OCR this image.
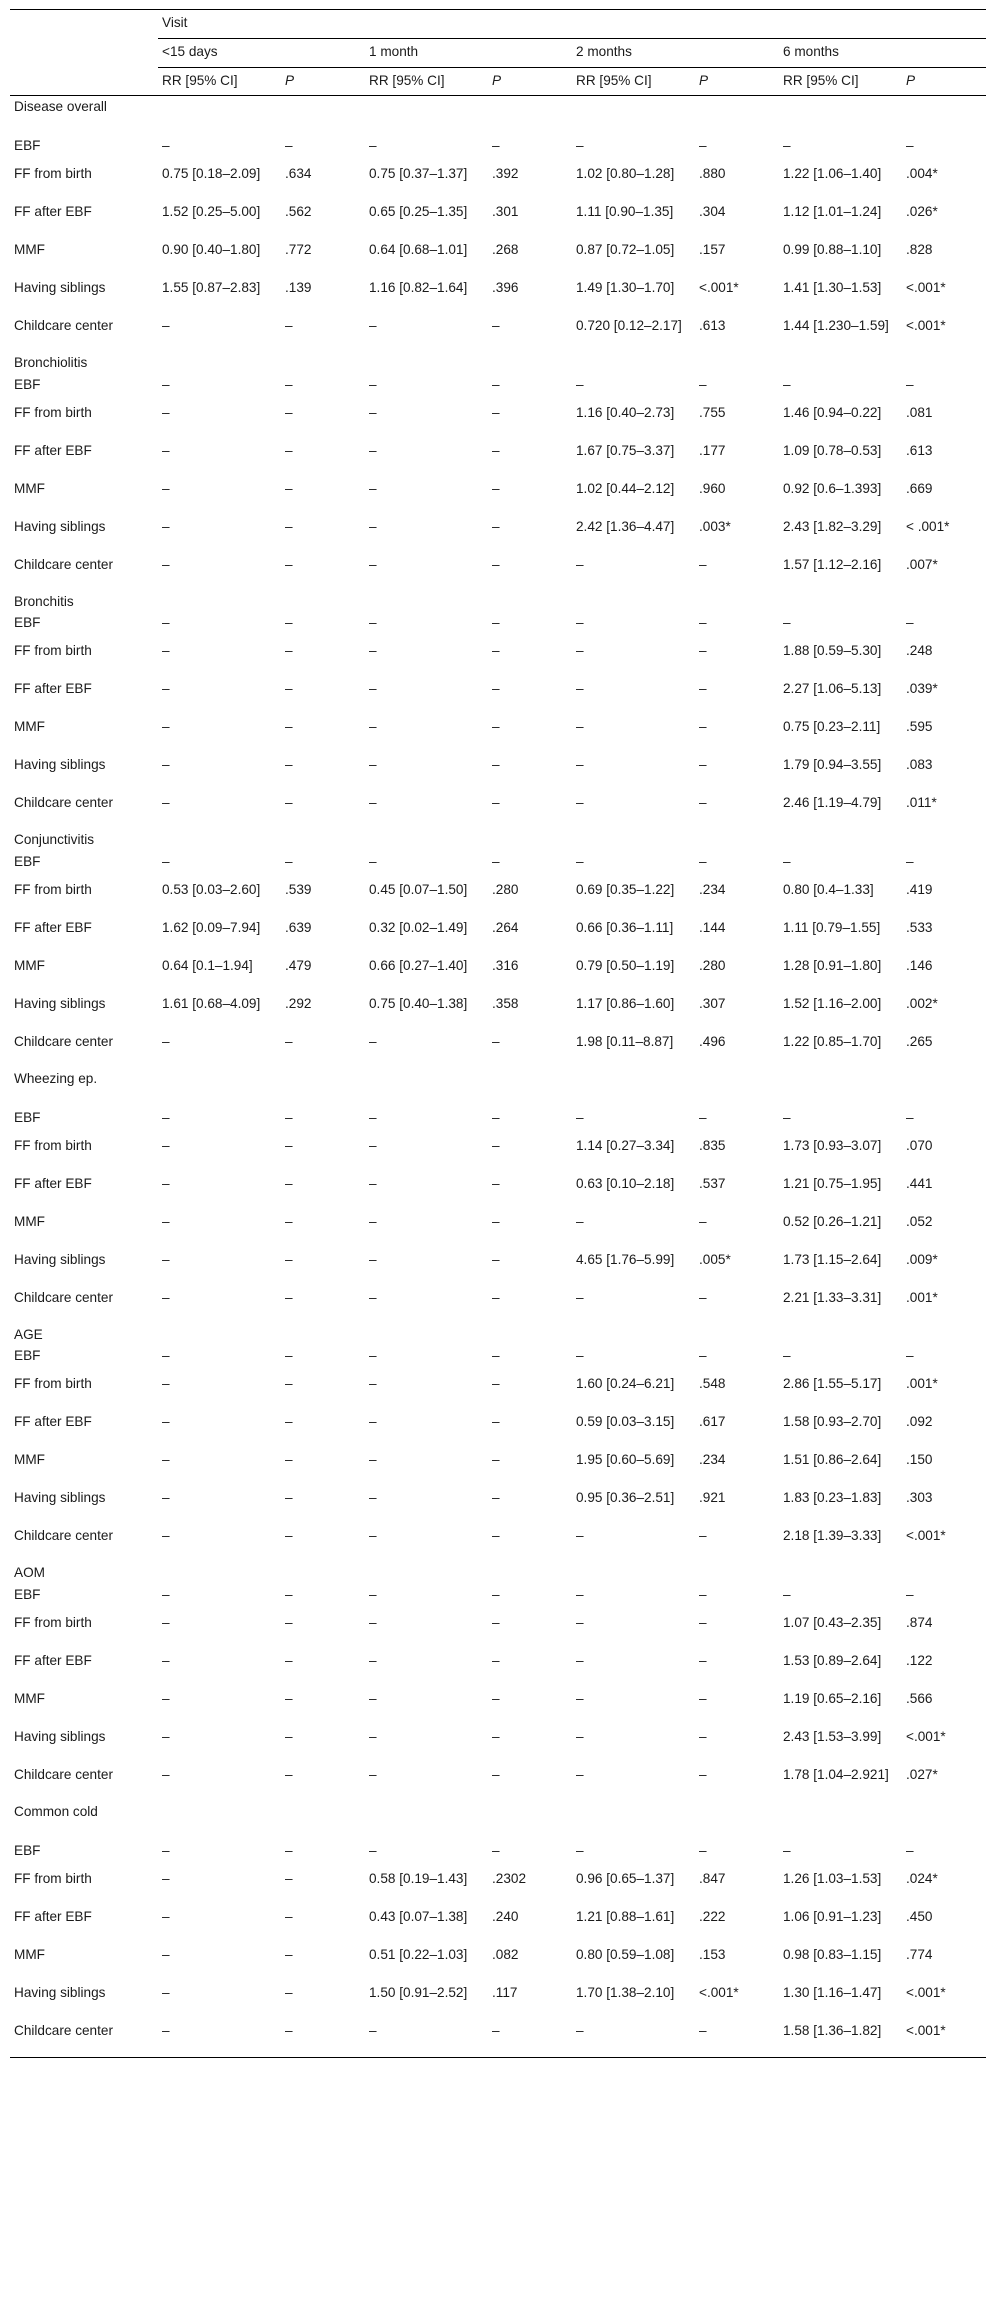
	Visit							
	<15 days		1 month		2 months		6 months	
	RR [95% CI]	P	RR [95% CI]	P	RR [95% CI]	P	RR [95% CI]	P
Disease overall								
EBF	–	–	–	–	–	–	–	–
FF from birth	0.75 [0.18–2.09]	.634	0.75 [0.37–1.37]	.392	1.02 [0.80–1.28]	.880	1.22 [1.06–1.40]	.004*
FF after EBF	1.52 [0.25–5.00]	.562	0.65 [0.25–1.35]	.301	1.11 [0.90–1.35]	.304	1.12 [1.01–1.24]	.026*
MMF	0.90 [0.40–1.80]	.772	0.64 [0.68–1.01]	.268	0.87 [0.72–1.05]	.157	0.99 [0.88–1.10]	.828
Having siblings	1.55 [0.87–2.83]	.139	1.16 [0.82–1.64]	.396	1.49 [1.30–1.70]	<.001*	1.41 [1.30–1.53]	<.001*
Childcare center	–	–	–	–	0.720 [0.12–2.17]	.613	1.44 [1.230–1.59]	<.001*
Bronchiolitis								
EBF	–	–	–	–	–	–	–	–
FF from birth	–	–	–	–	1.16 [0.40–2.73]	.755	1.46 [0.94–0.22]	.081
FF after EBF	–	–	–	–	1.67 [0.75–3.37]	.177	1.09 [0.78–0.53]	.613
MMF	–	–	–	–	1.02 [0.44–2.12]	.960	0.92 [0.6–1.393]	.669
Having siblings	–	–	–	–	2.42 [1.36–4.47]	.003*	2.43 [1.82–3.29]	< .001*
Childcare center	–	–	–	–	–	–	1.57 [1.12–2.16]	.007*
Bronchitis								
EBF	–	–	–	–	–	–	–	–
FF from birth	–	–	–	–	–	–	1.88 [0.59–5.30]	.248
FF after EBF	–	–	–	–	–	–	2.27 [1.06–5.13]	.039*
MMF	–	–	–	–	–	–	0.75 [0.23–2.11]	.595
Having siblings	–	–	–	–	–	–	1.79 [0.94–3.55]	.083
Childcare center	–	–	–	–	–	–	2.46 [1.19–4.79]	.011*
Conjunctivitis								
EBF	–	–	–	–	–	–	–	–
FF from birth	0.53 [0.03–2.60]	.539	0.45 [0.07–1.50]	.280	0.69 [0.35–1.22]	.234	0.80 [0.4–1.33]	.419
FF after EBF	1.62 [0.09–7.94]	.639	0.32 [0.02–1.49]	.264	0.66 [0.36–1.11]	.144	1.11 [0.79–1.55]	.533
MMF	0.64 [0.1–1.94]	.479	0.66 [0.27–1.40]	.316	0.79 [0.50–1.19]	.280	1.28 [0.91–1.80]	.146
Having siblings	1.61 [0.68–4.09]	.292	0.75 [0.40–1.38]	.358	1.17 [0.86–1.60]	.307	1.52 [1.16–2.00]	.002*
Childcare center	–	–	–	–	1.98 [0.11–8.87]	.496	1.22 [0.85–1.70]	.265
Wheezing ep.								
EBF	–	–	–	–	–	–	–	–
FF from birth	–	–	–	–	1.14 [0.27–3.34]	.835	1.73 [0.93–3.07]	.070
FF after EBF	–	–	–	–	0.63 [0.10–2.18]	.537	1.21 [0.75–1.95]	.441
MMF	–	–	–	–	–	–	0.52 [0.26–1.21]	.052
Having siblings	–	–	–	–	4.65 [1.76–5.99]	.005*	1.73 [1.15–2.64]	.009*
Childcare center	–	–	–	–	–	–	2.21 [1.33–3.31]	.001*
AGE								
EBF	–	–	–	–	–	–	–	–
FF from birth	–	–	–	–	1.60 [0.24–6.21]	.548	2.86 [1.55–5.17]	.001*
FF after EBF	–	–	–	–	0.59 [0.03–3.15]	.617	1.58 [0.93–2.70]	.092
MMF	–	–	–	–	1.95 [0.60–5.69]	.234	1.51 [0.86–2.64]	.150
Having siblings	–	–	–	–	0.95 [0.36–2.51]	.921	1.83 [0.23–1.83]	.303
Childcare center	–	–	–	–	–	–	2.18 [1.39–3.33]	<.001*
AOM								
EBF	–	–	–	–	–	–	–	–
FF from birth	–	–	–	–	–	–	1.07 [0.43–2.35]	.874
FF after EBF	–	–	–	–	–	–	1.53 [0.89–2.64]	.122
MMF	–	–	–	–	–	–	1.19 [0.65–2.16]	.566
Having siblings	–	–	–	–	–	–	2.43 [1.53–3.99]	<.001*
Childcare center	–	–	–	–	–	–	1.78 [1.04–2.921]	.027*
Common cold								
EBF	–	–	–	–	–	–	–	–
FF from birth	–	–	0.58 [0.19–1.43]	.2302	0.96 [0.65–1.37]	.847	1.26 [1.03–1.53]	.024*
FF after EBF	–	–	0.43 [0.07–1.38]	.240	1.21 [0.88–1.61]	.222	1.06 [0.91–1.23]	.450
MMF	–	–	0.51 [0.22–1.03]	.082	0.80 [0.59–1.08]	.153	0.98 [0.83–1.15]	.774
Having siblings	–	–	1.50 [0.91–2.52]	.117	1.70 [1.38–2.10]	<.001*	1.30 [1.16–1.47]	<.001*
Childcare center	–	–	–	–	–	–	1.58 [1.36–1.82]	<.001*
